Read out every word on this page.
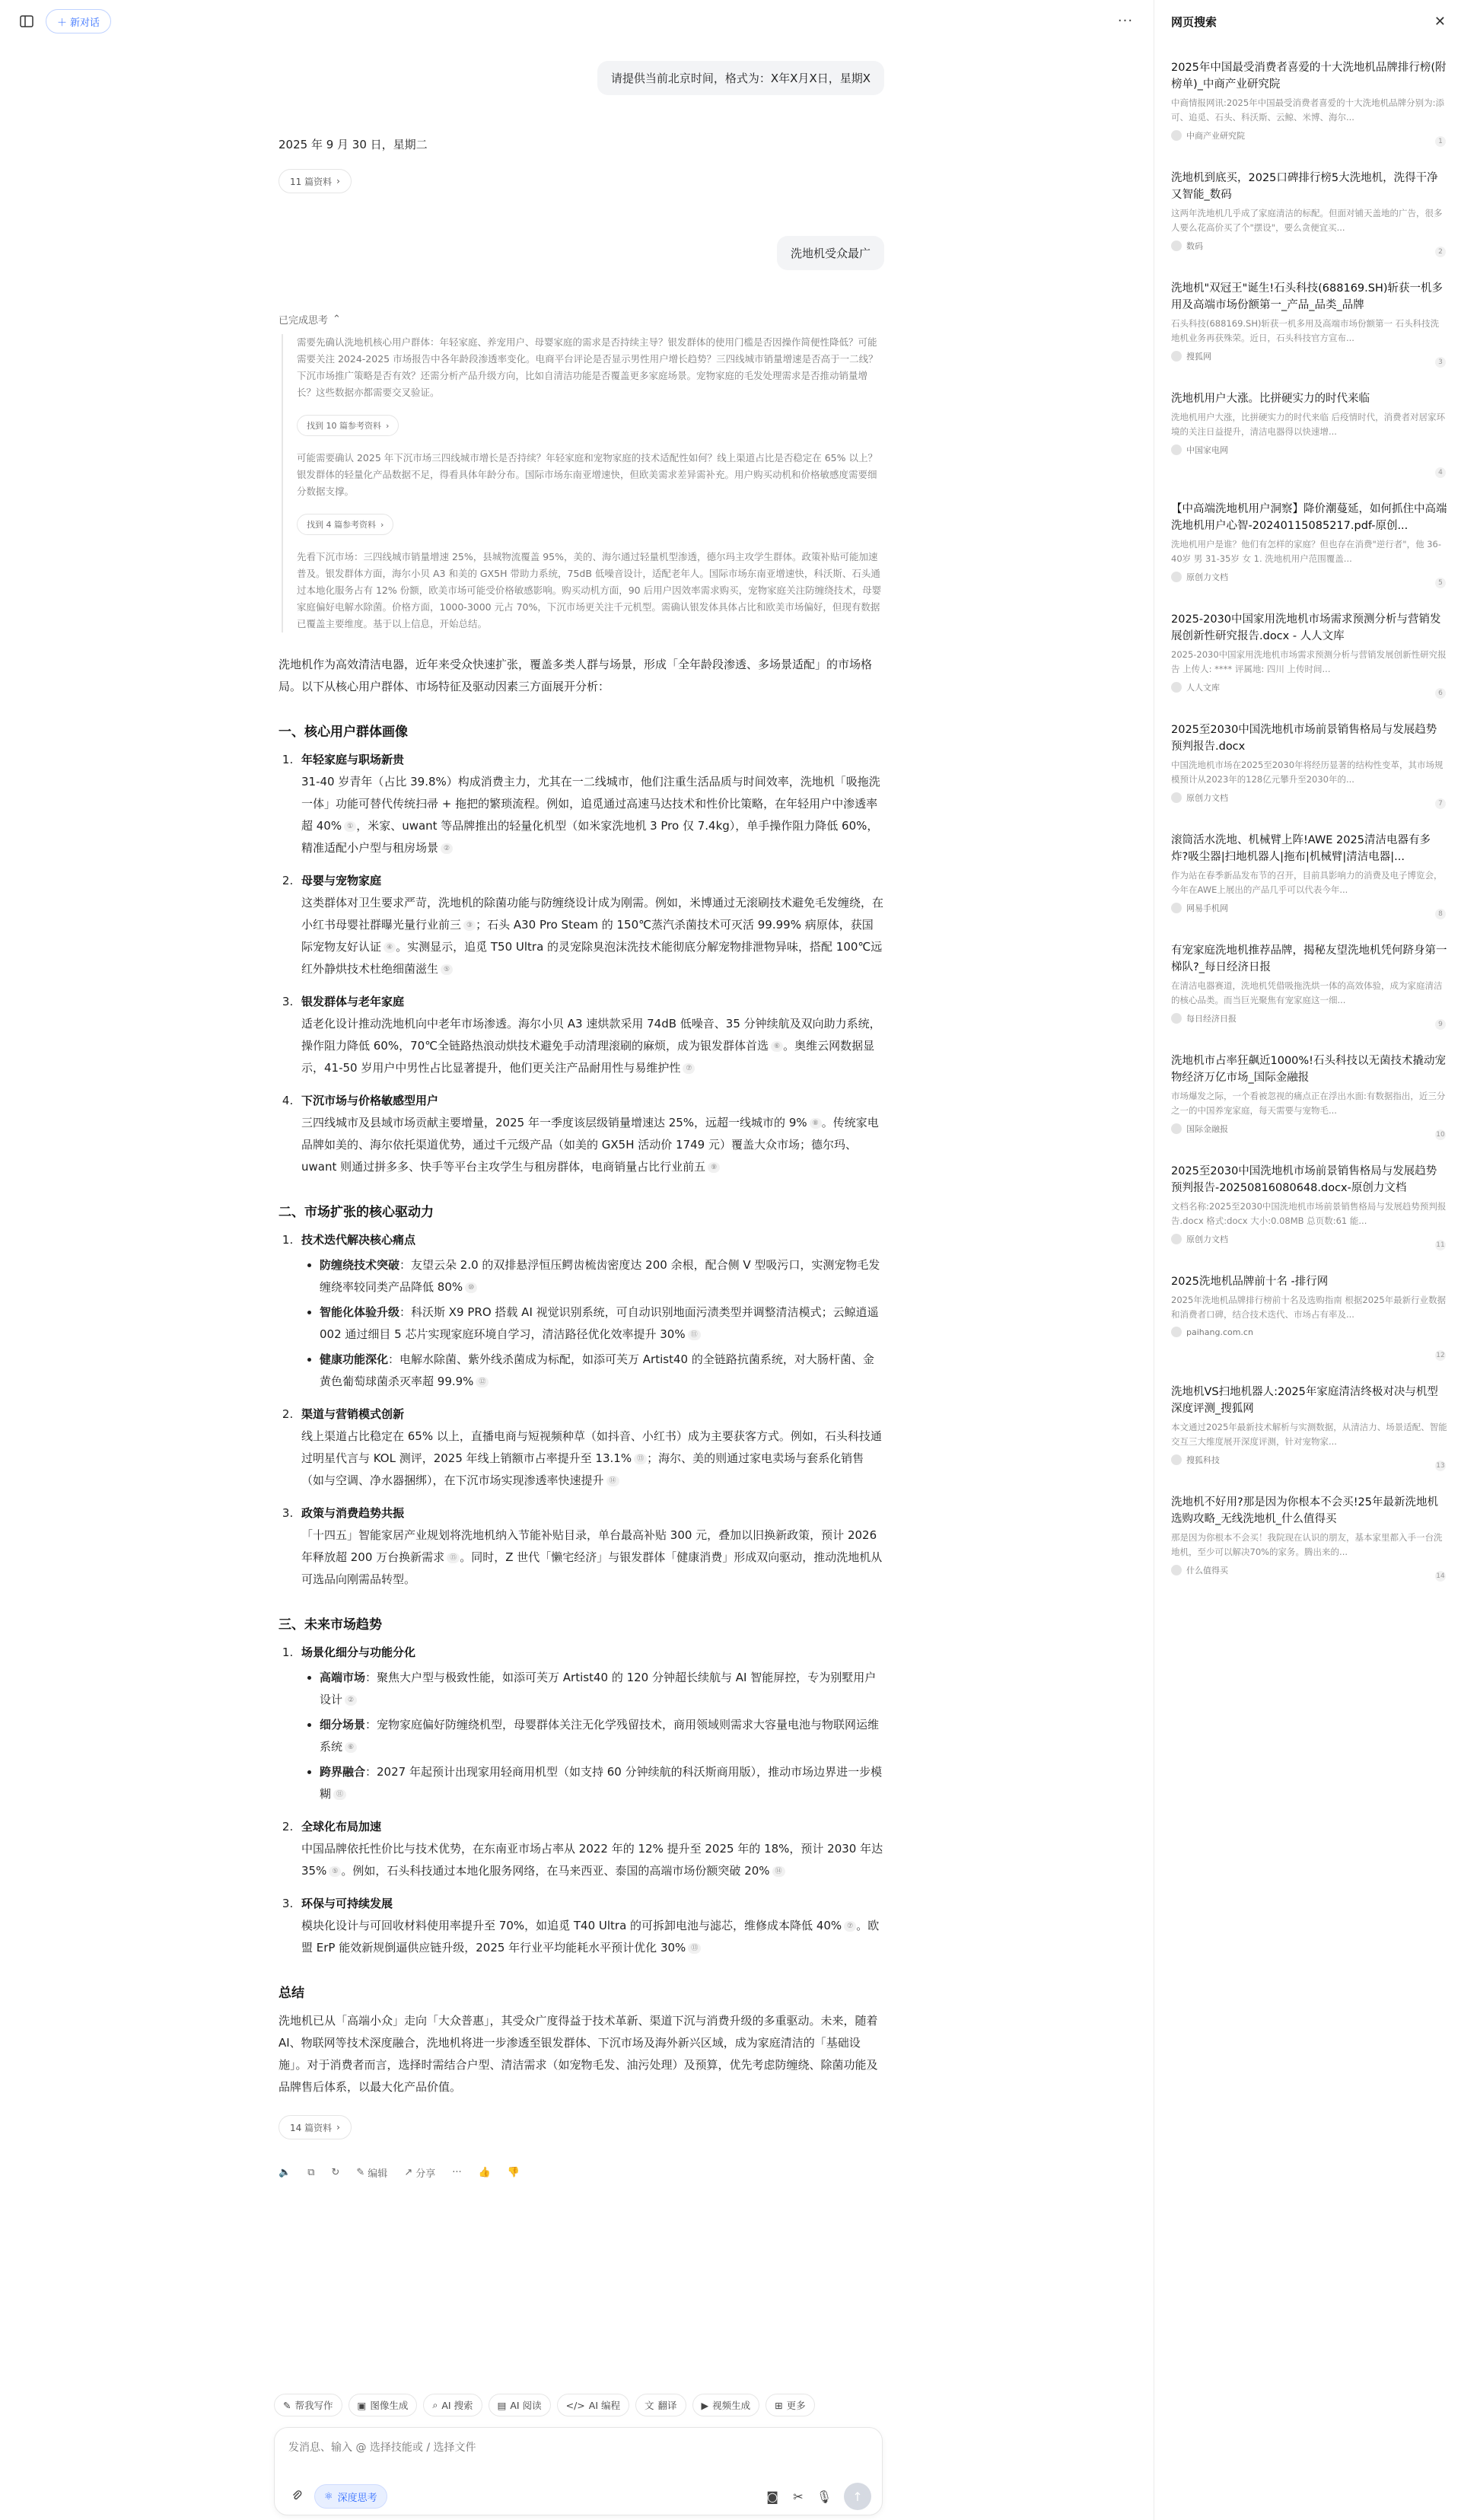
＋ 新对话	···
请提供当前北京时间，格式为：X年X月X日，星期X
2025 年 9 月 30 日，星期二
11 篇资料 ›
洗地机受众最广
已完成思考 ⌃

需要先确认洗地机核心用户群体：年轻家庭、养宠用户、母婴家庭的需求是否持续主导？银发群体的使用门槛是否因操作简便性降低？可能需要关注 2024-2025 市场报告中各年龄段渗透率变化。电商平台评论是否显示男性用户增长趋势？三四线城市销量增速是否高于一二线？下沉市场推广策略是否有效？还需分析产品升级方向，比如自清洁功能是否覆盖更多家庭场景。宠物家庭的毛发处理需求是否推动销量增长？这些数据亦都需要交叉验证。

找到 10 篇参考资料 ›

可能需要确认 2025 年下沉市场三四线城市增长是否持续？年轻家庭和宠物家庭的技术适配性如何？线上渠道占比是否稳定在 65% 以上？银发群体的轻量化产品数据不足，得看具体年龄分布。国际市场东南亚增速快，但欧美需求差异需补充。用户购买动机和价格敏感度需要细分数据支撑。

找到 4 篇参考资料 ›

先看下沉市场：三四线城市销量增速 25%，县城物流覆盖 95%，美的、海尔通过轻量机型渗透，德尔玛主攻学生群体。政策补贴可能加速普及。银发群体方面，海尔小贝 A3 和美的 GX5H 带助力系统，75dB 低噪音设计，适配老年人。国际市场东南亚增速快，科沃斯、石头通过本地化服务占有 12% 份额，欧美市场可能受价格敏感影响。购买动机方面，90 后用户因效率需求购买，宠物家庭关注防缠绕技术，母婴家庭偏好电解水除菌。价格方面，1000-3000 元占 70%，下沉市场更关注千元机型。需确认银发体具体占比和欧美市场偏好，但现有数据已覆盖主要维度。基于以上信息，开始总结。

洗地机作为高效清洁电器，近年来受众快速扩张，覆盖多类人群与场景，形成「全年龄段渗透、多场景适配」的市场格局。以下从核心用户群体、市场特征及驱动因素三方面展开分析：

一、核心用户群体画像
1. 年轻家庭与职场新贵
31-40 岁青年（占比 39.8%）构成消费主力，尤其在一二线城市，他们注重生活品质与时间效率，洗地机「吸拖洗一体」功能可替代传统扫帚 + 拖把的繁琐流程。例如，追觅通过高速马达技术和性价比策略，在年轻用户中渗透率超 40% ① ，米家、uwant 等品牌推出的轻量化机型（如米家洗地机 3 Pro 仅 7.4kg），单手操作阻力降低 60%，精准适配小户型与租房场景 ②
2. 母婴与宠物家庭
这类群体对卫生要求严苛，洗地机的除菌功能与防缠绕设计成为刚需。例如，米博通过无滚刷技术避免毛发缠绕，在小红书母婴社群曝光量行业前三 ③ ；石头 A30 Pro Steam 的 150℃蒸汽杀菌技术可灭活 99.99% 病原体，获国际宠物友好认证 ④ 。实测显示，追觅 T50 Ultra 的灵宠除臭泡沫洗技术能彻底分解宠物排泄物异味，搭配 100℃远红外静烘技术杜绝细菌滋生 ⑤
3. 银发群体与老年家庭
适老化设计推动洗地机向中老年市场渗透。海尔小贝 A3 速烘款采用 74dB 低噪音、35 分钟续航及双向助力系统，操作阻力降低 60%，70℃全链路热浪动烘技术避免手动清理滚刷的麻烦，成为银发群体首选 ⑥ 。奥维云网数据显示，41-50 岁用户中男性占比显著提升，他们更关注产品耐用性与易维护性 ⑦
4. 下沉市场与价格敏感型用户
三四线城市及县域市场贡献主要增量，2025 年一季度该层级销量增速达 25%，远超一线城市的 9% ⑧ 。传统家电品牌如美的、海尔依托渠道优势，通过千元级产品（如美的 GX5H 活动价 1749 元）覆盖大众市场；德尔玛、uwant 则通过拼多多、快手等平台主攻学生与租房群体，电商销量占比行业前五 ⑨
二、市场扩张的核心驱动力
1. 技术迭代解决核心痛点
• 防缠绕技术突破：友望云朵 2.0 的双排悬浮恒压鳄齿梳齿密度达 200 余根，配合侧 V 型吸污口，实测宠物毛发缠绕率较同类产品降低 80% ⑩
• 智能化体验升级：科沃斯 X9 PRO 搭载 AI 视觉识别系统，可自动识别地面污渍类型并调整清洁模式；云鲸逍遥 002 通过细目 5 芯片实现家庭环境自学习，清洁路径优化效率提升 30% ⑪
• 健康功能深化：电解水除菌、紫外线杀菌成为标配，如添可芙万 Artist40 的全链路抗菌系统，对大肠杆菌、金黄色葡萄球菌杀灭率超 99.9% ⑫
2. 渠道与营销模式创新
线上渠道占比稳定在 65% 以上，直播电商与短视频种草（如抖音、小红书）成为主要获客方式。例如，石头科技通过明星代言与 KOL 测评，2025 年线上销额市占率提升至 13.1% ⑬ ；海尔、美的则通过家电卖场与套系化销售（如与空调、净水器捆绑），在下沉市场实现渗透率快速提升 ⑭
3. 政策与消费趋势共振
「十四五」智能家居产业规划将洗地机纳入节能补贴目录，单台最高补贴 300 元，叠加以旧换新政策，预计 2026 年释放超 200 万台换新需求 ⑮ 。同时，Z 世代「懒宅经济」与银发群体「健康消费」形成双向驱动，推动洗地机从可选品向刚需品转型。
三、未来市场趋势
1. 场景化细分与功能分化
• 高端市场：聚焦大户型与极致性能，如添可芙万 Artist40 的 120 分钟超长续航与 AI 智能屏控，专为别墅用户设计 ②
• 细分场景：宠物家庭偏好防缠绕机型，母婴群体关注无化学残留技术，商用领域则需求大容量电池与物联网运维系统 ⑥
• 跨界融合：2027 年起预计出现家用轻商用机型（如支持 60 分钟续航的科沃斯商用版），推动市场边界进一步模糊 ⑪
2. 全球化布局加速
中国品牌依托性价比与技术优势，在东南亚市场占率从 2022 年的 12% 提升至 2025 年的 18%，预计 2030 年达 35% ⑤ 。例如，石头科技通过本地化服务网络，在马来西亚、泰国的高端市场份额突破 20% ⑭
3. 环保与可持续发展
模块化设计与可回收材料使用率提升至 70%，如追觅 T40 Ultra 的可拆卸电池与滤芯，维修成本降低 40% ⑦ 。欧盟 ErP 能效新规倒逼供应链升级，2025 年行业平均能耗水平预计优化 30% ⑬
总结

洗地机已从「高端小众」走向「大众普惠」，其受众广度得益于技术革新、渠道下沉与消费升级的多重驱动。未来，随着 AI、物联网等技术深度融合，洗地机将进一步渗透至银发群体、下沉市场及海外新兴区域，成为家庭清洁的「基础设施」。对于消费者而言，选择时需结合户型、清洁需求（如宠物毛发、油污处理）及预算，优先考虑防缠绕、除菌功能及品牌售后体系，以最大化产品价值。

14 篇资料 ›
🔈 ⧉ ↻ ✎ 编辑 ↗ 分享 ··· 👍 👎
✎ 帮我写作	▣ 图像生成	⌕ AI 搜索	▤ AI 阅读	</> AI 编程	文 翻译	▶ 视频生成	⊞ 更多
发消息、输入 @ 选择技能或 / 选择文件
⚛ 深度思考	◙	✂	🎙 ↑
网页搜索	✕
2025年中国最受消费者喜爱的十大洗地机品牌排行榜(附榜单)_中商产业研究院
中商情报网讯:2025年中国最受消费者喜爱的十大洗地机品牌分别为:添可、追觅、石头、科沃斯、云鲸、米博、海尔...
中商产业研究院
1
洗地机到底买，2025口碑排行榜5大洗地机，洗得干净又智能_数码
这两年洗地机几乎成了家庭清洁的标配。但面对铺天盖地的广告，很多人要么花高价买了个"摆设"，要么贪便宜买...
数码
2
洗地机"双冠王"诞生!石头科技(688169.SH)斩获一机多用及高端市场份额第一_产品_品类_品牌
石头科技(688169.SH)斩获一机多用及高端市场份额第一 石头科技洗地机业务再获殊荣。近日，石头科技官方宣布...
搜狐网
3
洗地机用户大涨。比拼硬实力的时代来临
洗地机用户大涨，比拼硬实力的时代来临 后疫情时代，消费者对居家环境的关注日益提升，清洁电器得以快速增...
中国家电网
4
【中高端洗地机用户洞察】降价潮蔓延，如何抓住中高端洗地机用户心智-20240115085217.pdf-原创...
洗地机用户是谁？他们有怎样的家庭？但也存在消费"逆行者"，他 36-40岁 男 31-35岁 女 1. 洗地机用户范围覆盖...
原创力文档
5
2025-2030中国家用洗地机市场需求预测分析与营销发展创新性研究报告.docx - 人人文库
2025-2030中国家用洗地机市场需求预测分析与营销发展创新性研究报告 上传人: **** 评属地: 四川 上传时间...
人人文库
6
2025至2030中国洗地机市场前景销售格局与发展趋势预判报告.docx
中国洗地机市场在2025至2030年将经历显著的结构性变革，其市场规模预计从2023年的128亿元攀升至2030年的...
原创力文档
7
滚筒活水洗地、机械臂上阵!AWE 2025清洁电器有多炸?吸尘器|扫地机器人|拖布|机械臂|清洁电器|...
作为站在春季新品发布节的召开，目前具影响力的消费及电子博览会，今年在AWE上展出的产品几乎可以代表今年...
网易手机网
8
有宠家庭洗地机推荐品牌，揭秘友望洗地机凭何跻身第一梯队?_每日经济日报
在清洁电器赛道，洗地机凭借吸拖洗烘一体的高效体验，成为家庭清洁的核心品类。而当巨光聚焦有宠家庭这一细...
每日经济日报
9
洗地机市占率狂飙近1000%!石头科技以无菌技术撬动宠物经济万亿市场_国际金融报
市场爆发之际，一个看被忽视的痛点正在浮出水面:有数据指出，近三分之一的中国养宠家庭，每天需要与宠物毛...
国际金融报
10
2025至2030中国洗地机市场前景销售格局与发展趋势预判报告-20250816080648.docx-原创力文档
文档名称:2025至2030中国洗地机市场前景销售格局与发展趋势预判报告.docx 格式:docx 大小:0.08MB 总页数:61 能...
原创力文档
11
2025洗地机品牌前十名 -排行网
2025年洗地机品牌排行榜前十名及选购指南 根据2025年最新行业数据和消费者口碑，结合技术迭代、市场占有率及...
paihang.com.cn
12
洗地机VS扫地机器人:2025年家庭清洁终极对决与机型深度评测_搜狐网
本文通过2025年最新技术解析与实测数据，从清洁力、场景适配、智能交互三大维度展开深度评测，针对宠物家...
搜狐科技
13
洗地机不好用?那是因为你根本不会买!25年最新洗地机选购攻略_无线洗地机_什么值得买
那是因为你根本不会买！我院现在认识的朋友，基本家里都入手一台洗地机，至少可以解决70%的家务。腾出来的...
什么值得买
14
